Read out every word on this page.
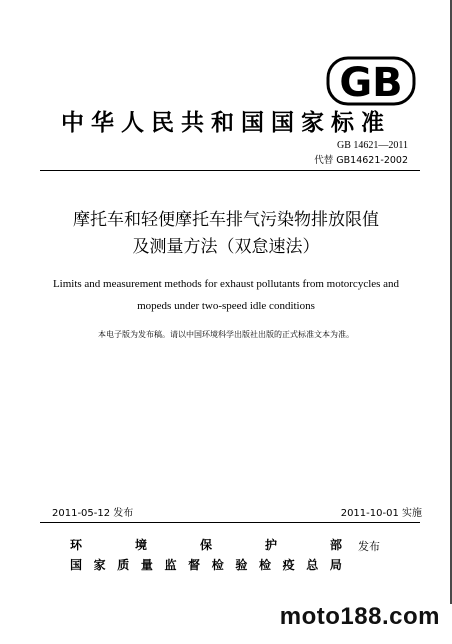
GB
中华人民共和国国家标准
GB 14621—2011
代替 GB14621-2002
摩托车和轻便摩托车排气污染物排放限值
及测量方法（双怠速法）
Limits and measurement methods for exhaust pollutants from motorcycles and
mopeds under two-speed idle conditions
本电子版为发布稿。请以中国环境科学出版社出版的正式标准文本为准。
2011-05-12 发布	2011-10-01 实施
环	境	保	护	部 发布
国 家 质 量 监 督 检 验 检 疫 总 局
moto188.com
